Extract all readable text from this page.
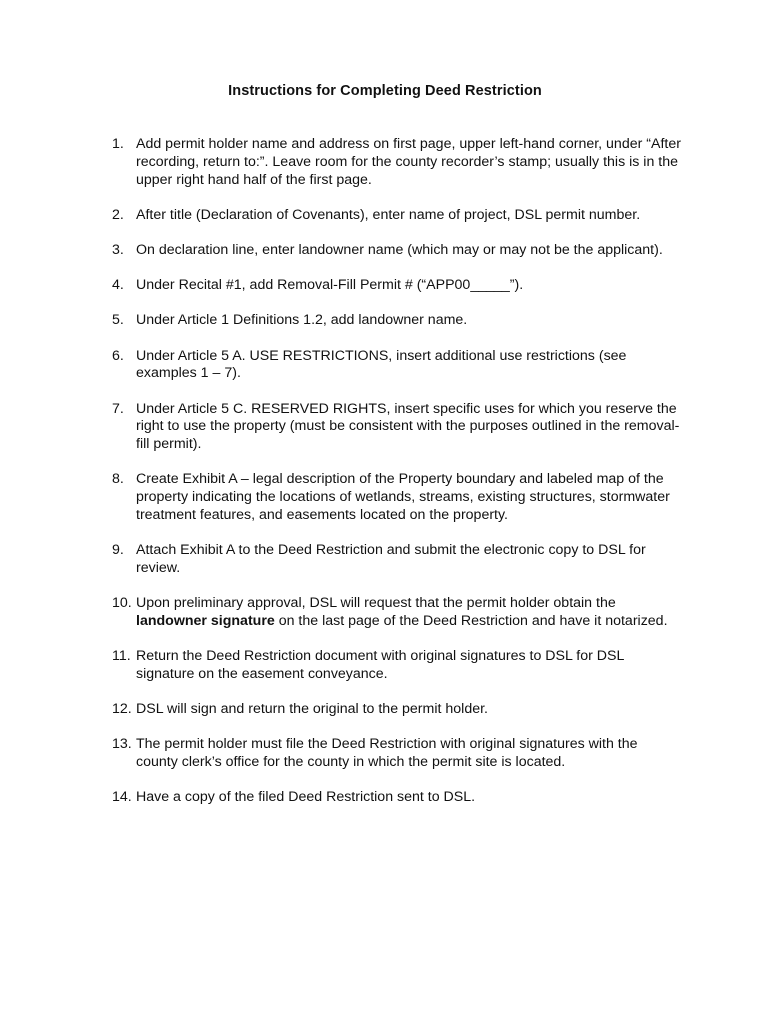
Instructions for Completing Deed Restriction
1. Add permit holder name and address on first page, upper left-hand corner, under “After recording, return to:”. Leave room for the county recorder’s stamp; usually this is in the upper right hand half of the first page.
2. After title (Declaration of Covenants), enter name of project, DSL permit number.
3. On declaration line, enter landowner name (which may or may not be the applicant).
4. Under Recital #1, add Removal-Fill Permit # (“APP00_____”).
5. Under Article 1 Definitions 1.2, add landowner name.
6. Under Article 5 A. USE RESTRICTIONS, insert additional use restrictions (see examples 1 – 7).
7. Under Article 5 C. RESERVED RIGHTS, insert specific uses for which you reserve the right to use the property (must be consistent with the purposes outlined in the removal-fill permit).
8. Create Exhibit A – legal description of the Property boundary and labeled map of the property indicating the locations of wetlands, streams, existing structures, stormwater treatment features, and easements located on the property.
9. Attach Exhibit A to the Deed Restriction and submit the electronic copy to DSL for review.
10. Upon preliminary approval, DSL will request that the permit holder obtain the landowner signature on the last page of the Deed Restriction and have it notarized.
11. Return the Deed Restriction document with original signatures to DSL for DSL signature on the easement conveyance.
12. DSL will sign and return the original to the permit holder.
13. The permit holder must file the Deed Restriction with original signatures with the county clerk’s office for the county in which the permit site is located.
14. Have a copy of the filed Deed Restriction sent to DSL.
